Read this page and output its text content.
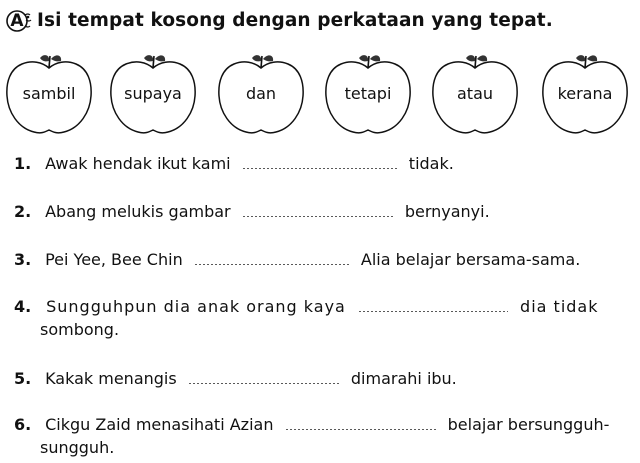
A Isi tempat kosong dengan perkataan yang tepat.
sambil	supaya	dan	tetapi	atau	kerana
1. Awak hendak ikut kami	tidak.
2. Abang melukis gambar	bernyanyi.
3. Pei Yee, Bee Chin	Alia belajar bersama-sama.
4. Sungguhpun dia anak orang kaya	dia tidak
sombong.
5. Kakak menangis	dimarahi ibu.
6. Cikgu Zaid menasihati Azian	belajar bersungguh-
sungguh.
